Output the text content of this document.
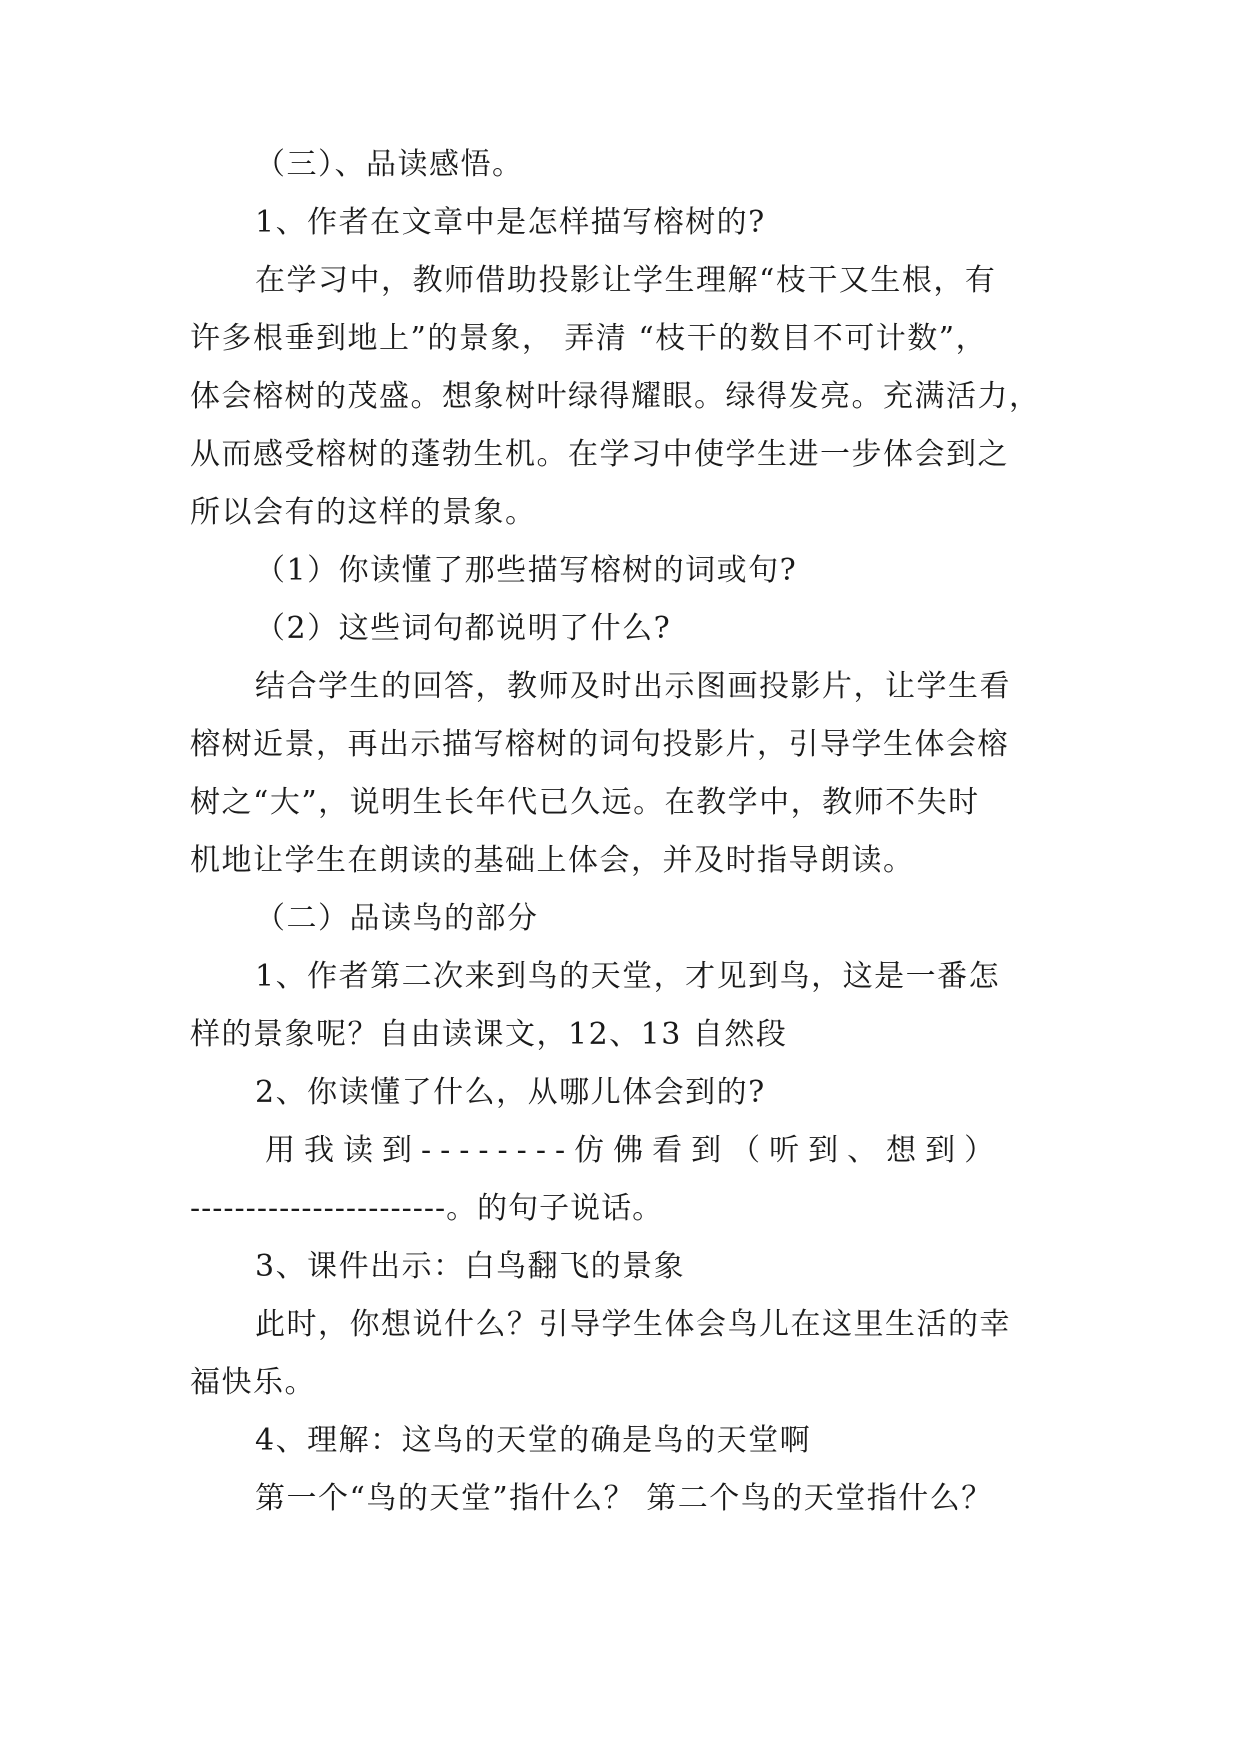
（三）、品读感悟。
1、作者在文章中是怎样描写榕树的?
在学习中，教师借助投影让学生理解“枝干又生根，有
许多根垂到地上”的景象， 弄清 “枝干的数目不可计数”，
体会榕树的茂盛。想象树叶绿得耀眼。绿得发亮。充满活力，
从而感受榕树的蓬勃生机。在学习中使学生进一步体会到之
所以会有的这样的景象。
（1）你读懂了那些描写榕树的词或句?
（2）这些词句都说明了什么?
结合学生的回答，教师及时出示图画投影片，让学生看
榕树近景，再出示描写榕树的词句投影片，引导学生体会榕
树之“大”，说明生长年代已久远。在教学中，教师不失时
机地让学生在朗读的基础上体会，并及时指导朗读。
（二）品读鸟的部分
1、作者第二次来到鸟的天堂，才见到鸟，这是一番怎
样的景象呢？自由读课文，12、13 自然段
2、你读懂了什么，从哪儿体会到的?
用我读到--------仿佛看到（听到、想到）
-----------------------。的句子说话。
3、课件出示：白鸟翻飞的景象
此时，你想说什么？引导学生体会鸟儿在这里生活的幸
福快乐。
4、理解：这鸟的天堂的确是鸟的天堂啊
第一个“鸟的天堂”指什么？ 第二个鸟的天堂指什么？
